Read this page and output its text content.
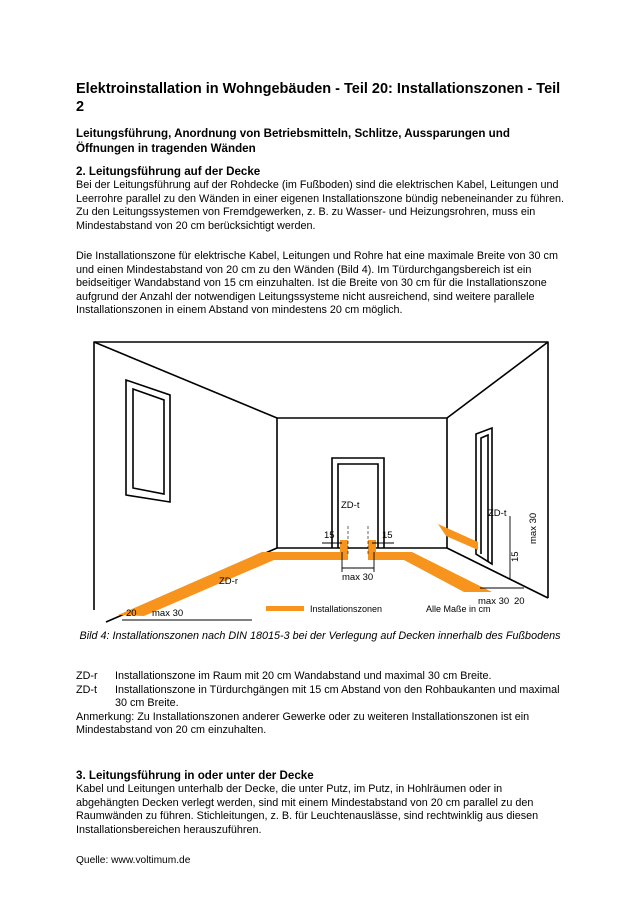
Elektroinstallation in Wohngebäuden - Teil 20: Installationszonen - Teil 2
Leitungsführung, Anordnung von Betriebsmitteln, Schlitze, Aussparungen und Öffnungen in tragenden Wänden
2. Leitungsführung auf der Decke

Bei der Leitungsführung auf der Rohdecke (im Fußboden) sind die elektrischen Kabel, Leitungen und Leerrohre parallel zu den Wänden in einer eigenen Installationszone bündig nebeneinander zu führen. Zu den Leitungssystemen von Fremdgewerken, z. B. zu Wasser- und Heizungsrohren, muss ein Mindestabstand von 20 cm berücksichtigt werden.

Die Installationszone für elektrische Kabel, Leitungen und Rohre hat eine maximale Breite von 30 cm und einen Mindestabstand von 20 cm zu den Wänden (Bild 4). Im Türdurchgangsbereich ist ein beidseitiger Wandabstand von 15 cm einzuhalten. Ist die Breite von 30 cm für die Installationszone aufgrund der Anzahl der notwendigen Leitungssysteme nicht ausreichend, sind weitere parallele Installationszonen in einem Abstand von mindestens 20 cm möglich.

ZD-t
ZD-t
ZD-r
15	15
max 30
20 max 30
max 30 20
15
max 30
Installationszonen	Alle Maße in cm

Bild 4: Installationszonen nach DIN 18015-3 bei der Verlegung auf Decken innerhalb des Fußbodens

ZD-r	Installationszone im Raum mit 20 cm Wandabstand und maximal 30 cm Breite.
ZD-t	Installationszone in Türdurchgängen mit 15 cm Abstand von den Rohbaukanten und maximal 30 cm Breite.

Anmerkung: Zu Installationszonen anderer Gewerke oder zu weiteren Installationszonen ist ein Mindestabstand von 20 cm einzuhalten.

3. Leitungsführung in oder unter der Decke

Kabel und Leitungen unterhalb der Decke, die unter Putz, im Putz, in Hohlräumen oder in abgehängten Decken verlegt werden, sind mit einem Mindestabstand von 20 cm parallel zu den Raumwänden zu führen. Stichleitungen, z. B. für Leuchtenauslässe, sind rechtwinklig aus diesen Installationsbereichen herauszuführen.

Quelle: www.voltimum.de
